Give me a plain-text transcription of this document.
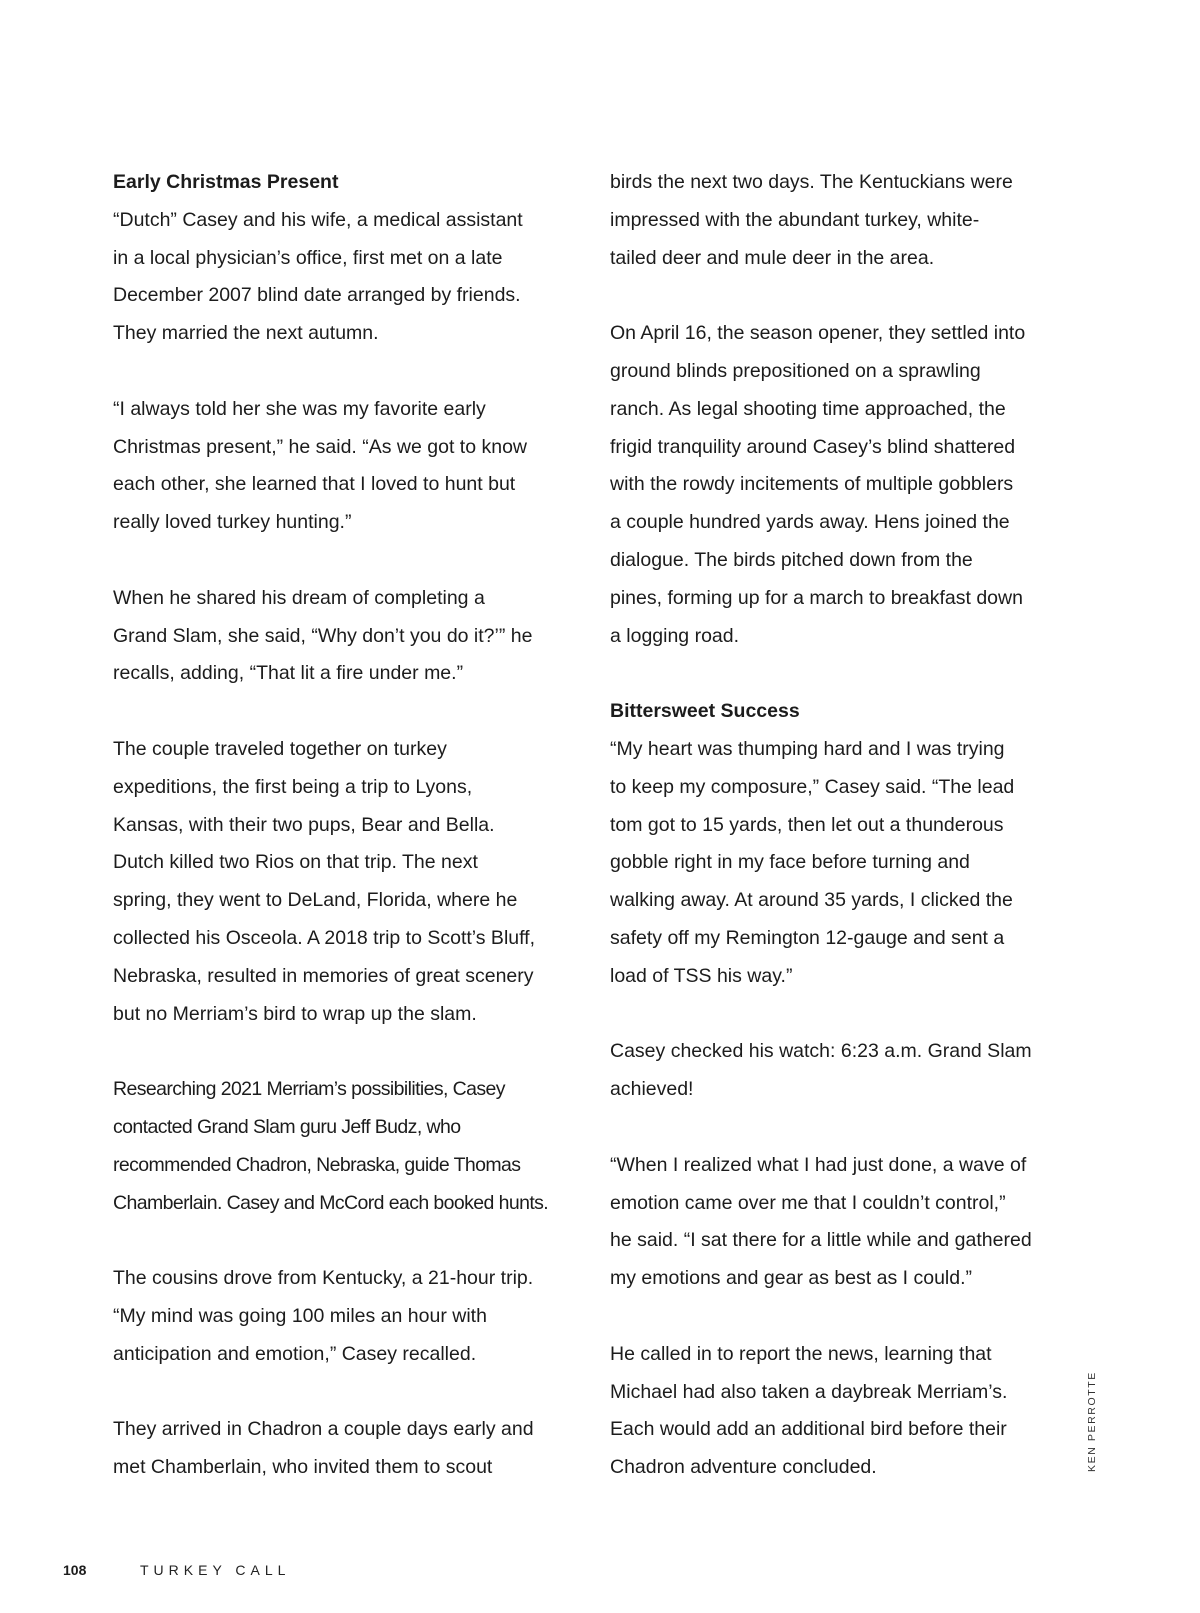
Early Christmas Present
“Dutch” Casey and his wife, a medical assistant
in a local physician’s office, first met on a late
December 2007 blind date arranged by friends.
They married the next autumn.
“I always told her she was my favorite early
Christmas present,” he said. “As we got to know
each other, she learned that I loved to hunt but
really loved turkey hunting.”
When he shared his dream of completing a
Grand Slam, she said, “Why don’t you do it?’” he
recalls, adding, “That lit a fire under me.”
The couple traveled together on turkey
expeditions, the first being a trip to Lyons,
Kansas, with their two pups, Bear and Bella.
Dutch killed two Rios on that trip. The next
spring, they went to DeLand, Florida, where he
collected his Osceola. A 2018 trip to Scott’s Bluff,
Nebraska, resulted in memories of great scenery
but no Merriam’s bird to wrap up the slam.
Researching 2021 Merriam’s possibilities, Casey
contacted Grand Slam guru Jeff Budz, who
recommended Chadron, Nebraska, guide Thomas
Chamberlain. Casey and McCord each booked hunts.
The cousins drove from Kentucky, a 21-hour trip.
“My mind was going 100 miles an hour with
anticipation and emotion,” Casey recalled.
They arrived in Chadron a couple days early and
met Chamberlain, who invited them to scout
birds the next two days. The Kentuckians were
impressed with the abundant turkey, white-
tailed deer and mule deer in the area.
On April 16, the season opener, they settled into
ground blinds prepositioned on a sprawling
ranch. As legal shooting time approached, the
frigid tranquility around Casey’s blind shattered
with the rowdy incitements of multiple gobblers
a couple hundred yards away. Hens joined the
dialogue. The birds pitched down from the
pines, forming up for a march to breakfast down
a logging road.
Bittersweet Success
“My heart was thumping hard and I was trying
to keep my composure,” Casey said. “The lead
tom got to 15 yards, then let out a thunderous
gobble right in my face before turning and
walking away. At around 35 yards, I clicked the
safety off my Remington 12-gauge and sent a
load of TSS his way.”
Casey checked his watch: 6:23 a.m. Grand Slam
achieved!
“When I realized what I had just done, a wave of
emotion came over me that I couldn’t control,”
he said. “I sat there for a little while and gathered
my emotions and gear as best as I could.”
He called in to report the news, learning that
Michael had also taken a daybreak Merriam’s.
Each would add an additional bird before their
Chadron adventure concluded.	KEN PERROTTE
108	TURKEY CALL
